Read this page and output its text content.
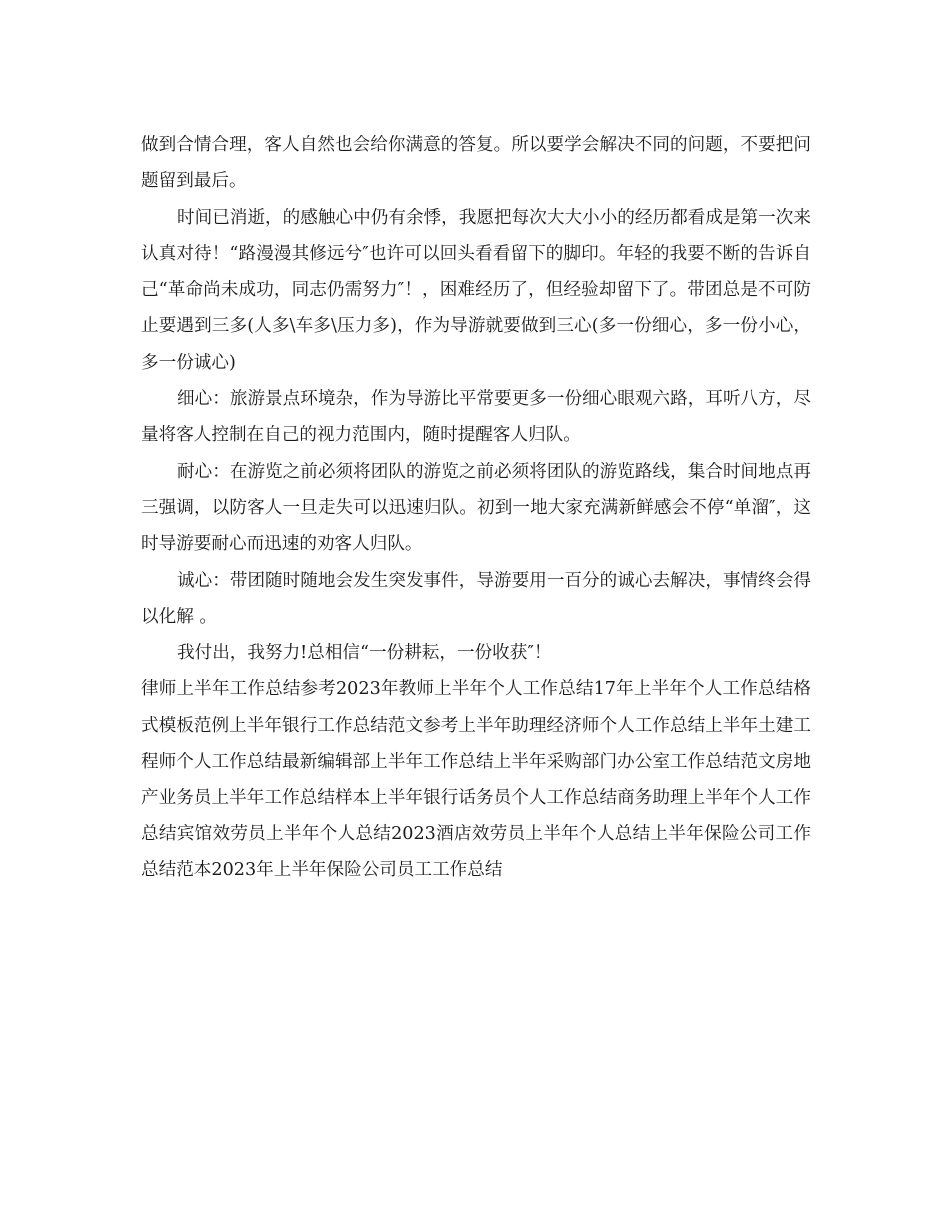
做到合情合理，客人自然也会给你满意的答复。所以要学会解决不同的问题，不要把问题留到最后。

时间已消逝，的感触心中仍有余悸，我愿把每次大大小小的经历都看成是第一次来认真对待！“路漫漫其修远兮″也许可以回头看看留下的脚印。年轻的我要不断的告诉自己“革命尚未成功，同志仍需努力″！，困难经历了，但经验却留下了。带团总是不可防止要遇到三多(人多\车多\压力多)，作为导游就要做到三心(多一份细心，多一份小心，多一份诚心)

细心：旅游景点环境杂，作为导游比平常要更多一份细心眼观六路，耳听八方，尽量将客人控制在自己的视力范围内，随时提醒客人归队。

耐心：在游览之前必须将团队的游览之前必须将团队的游览路线，集合时间地点再三强调，以防客人一旦走失可以迅速归队。初到一地大家充满新鲜感会不停“单溜″，这时导游要耐心而迅速的劝客人归队。

诚心：带团随时随地会发生突发事件，导游要用一百分的诚心去解决，事情终会得以化解 。

我付出，我努力!总相信“一份耕耘，一份收获″！

律师上半年工作总结参考2023年教师上半年个人工作总结17年上半年个人工作总结格式模板范例上半年银行工作总结范文参考上半年助理经济师个人工作总结上半年土建工程师个人工作总结最新编辑部上半年工作总结上半年采购部门办公室工作总结范文房地产业务员上半年工作总结样本上半年银行话务员个人工作总结商务助理上半年个人工作总结宾馆效劳员上半年个人总结2023酒店效劳员上半年个人总结上半年保险公司工作总结范本2023年上半年保险公司员工工作总结
